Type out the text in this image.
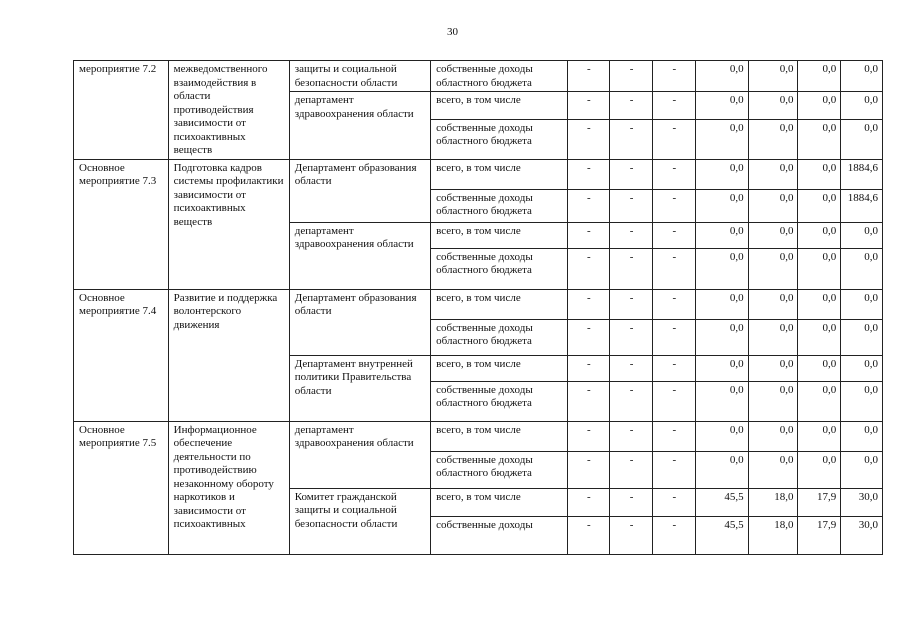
30
мероприятие 7.2	межведомственного взаимодействия в области противодействия зависимости от психоактивных веществ	защиты и социальной безопасности области	собственные доходы областного бюджета	-	-	-	0,0	0,0	0,0	0,0
		департамент здравоохранения области	всего, в том числе	-	-	-	0,0	0,0	0,0	0,0
			собственные доходы областного бюджета	-	-	-	0,0	0,0	0,0	0,0
Основное мероприятие 7.3	Подготовка кадров системы профилактики зависимости от психоактивных веществ	Департамент образования области	всего, в том числе	-	-	-	0,0	0,0	0,0	1884,6
			собственные доходы областного бюджета	-	-	-	0,0	0,0	0,0	1884,6
		департамент здравоохранения области	всего, в том числе	-	-	-	0,0	0,0	0,0	0,0
			собственные доходы областного бюджета	-	-	-	0,0	0,0	0,0	0,0
Основное мероприятие 7.4	Развитие и поддержка волонтерского движения	Департамент образования области	всего, в том числе	-	-	-	0,0	0,0	0,0	0,0
			собственные доходы областного бюджета	-	-	-	0,0	0,0	0,0	0,0
		Департамент внутренней политики Правительства области	всего, в том числе	-	-	-	0,0	0,0	0,0	0,0
			собственные доходы областного бюджета	-	-	-	0,0	0,0	0,0	0,0
Основное мероприятие 7.5	Информационное обеспечение деятельности по противодействию незаконному обороту наркотиков и зависимости от психоактивных	департамент здравоохранения области	всего, в том числе	-	-	-	0,0	0,0	0,0	0,0
			собственные доходы областного бюджета	-	-	-	0,0	0,0	0,0	0,0
		Комитет гражданской защиты и социальной безопасности области	всего, в том числе	-	-	-	45,5	18,0	17,9	30,0
			собственные доходы	-	-	-	45,5	18,0	17,9	30,0
